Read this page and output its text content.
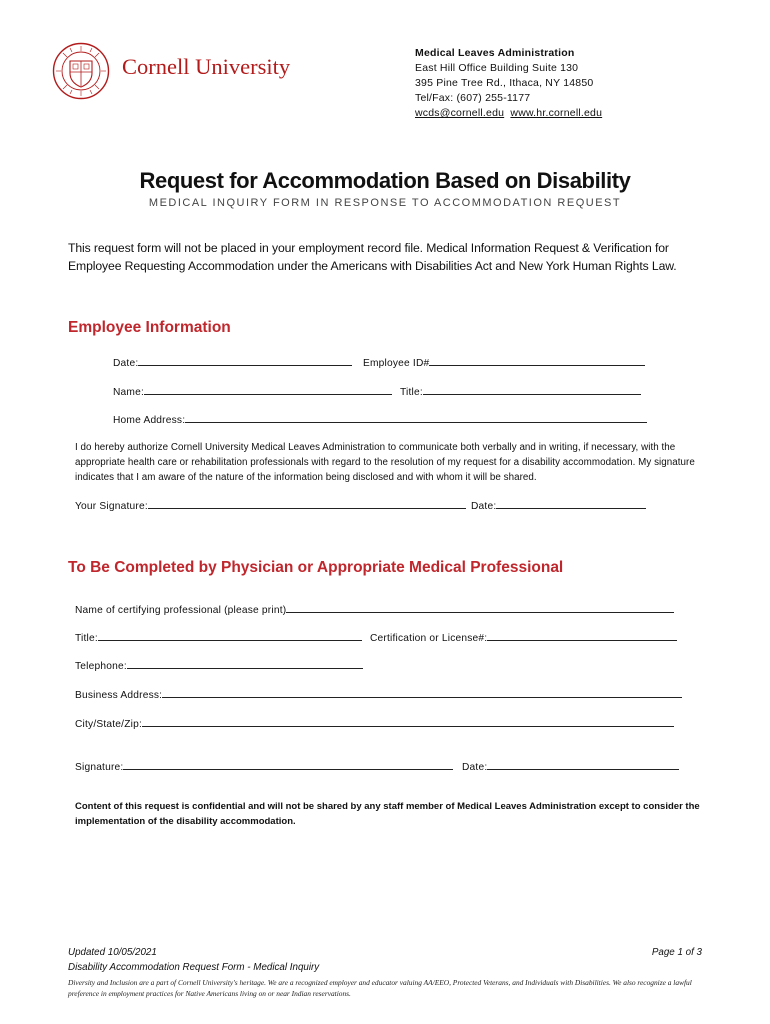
Cornell University
Medical Leaves Administration
East Hill Office Building Suite 130
395 Pine Tree Rd., Ithaca, NY 14850
Tel/Fax: (607) 255-1177
wcds@cornell.edu www.hr.cornell.edu
Request for Accommodation Based on Disability
MEDICAL INQUIRY FORM IN RESPONSE TO ACCOMMODATION REQUEST
This request form will not be placed in your employment record file. Medical Information Request & Verification for Employee Requesting Accommodation under the Americans with Disabilities Act and New York Human Rights Law.
Employee Information
Date:	Employee ID#
Name:	Title:
Home Address:
I do hereby authorize Cornell University Medical Leaves Administration to communicate both verbally and in writing, if necessary, with the appropriate health care or rehabilitation professionals with regard to the resolution of my request for a disability accommodation. My signature indicates that I am aware of the nature of the information being disclosed and with whom it will be shared.
Your Signature:	Date:
To Be Completed by Physician or Appropriate Medical Professional
Name of certifying professional (please print)
Title:	Certification or License#:
Telephone:
Business Address:
City/State/Zip:
Signature:	Date:
Content of this request is confidential and will not be shared by any staff member of Medical Leaves Administration except to consider the implementation of the disability accommodation.
Updated 10/05/2021
Disability Accommodation Request Form - Medical Inquiry
Page 1 of 3
Diversity and Inclusion are a part of Cornell University's heritage. We are a recognized employer and educator valuing AA/EEO, Protected Veterans, and Individuals with Disabilities. We also recognize a lawful preference in employment practices for Native Americans living on or near Indian reservations.
